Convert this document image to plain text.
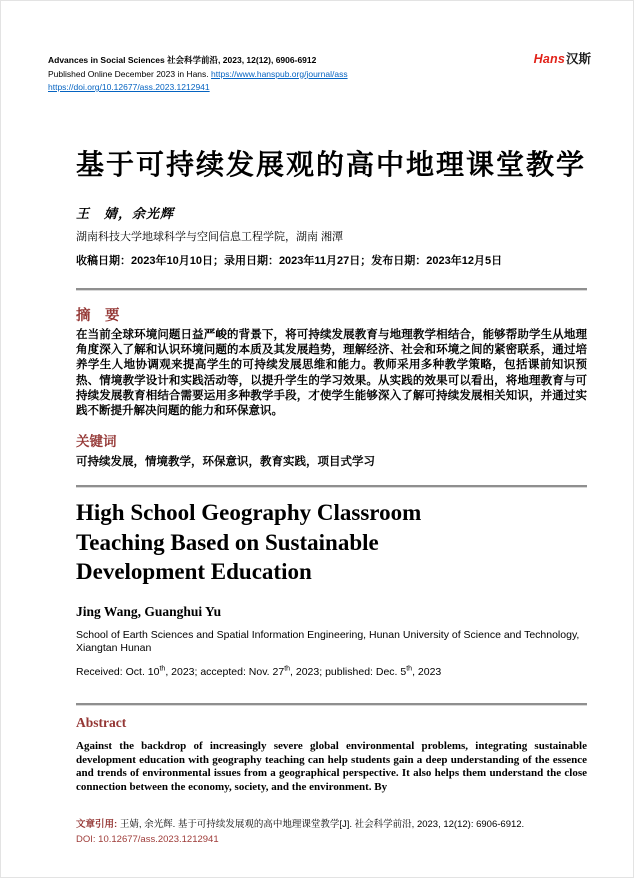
Advances in Social Sciences 社会科学前沿, 2023, 12(12), 6906-6912
Published Online December 2023 in Hans. https://www.hanspub.org/journal/ass
https://doi.org/10.12677/ass.2023.1212941
Hans汉斯
基于可持续发展观的高中地理课堂教学
王　婧，余光辉
湖南科技大学地球科学与空间信息工程学院，湖南 湘潭
收稿日期：2023年10月10日；录用日期：2023年11月27日；发布日期：2023年12月5日
摘　要
在当前全球环境问题日益严峻的背景下，将可持续发展教育与地理教学相结合，能够帮助学生从地理角度深入了解和认识环境问题的本质及其发展趋势，理解经济、社会和环境之间的紧密联系，通过培养学生人地协调观来提高学生的可持续发展思维和能力。教师采用多种教学策略，包括课前知识预热、情境教学设计和实践活动等，以提升学生的学习效果。从实践的效果可以看出，将地理教育与可持续发展教育相结合需要运用多种教学手段，才使学生能够深入了解可持续发展相关知识，并通过实践不断提升解决问题的能力和环保意识。
关键词
可持续发展，情境教学，环保意识，教育实践，项目式学习
High School Geography Classroom Teaching Based on Sustainable Development Education
Jing Wang, Guanghui Yu
School of Earth Sciences and Spatial Information Engineering, Hunan University of Science and Technology, Xiangtan Hunan
Received: Oct. 10th, 2023; accepted: Nov. 27th, 2023; published: Dec. 5th, 2023
Abstract
Against the backdrop of increasingly severe global environmental problems, integrating sustainable development education with geography teaching can help students gain a deep understanding of the essence and trends of environmental issues from a geographical perspective. It also helps them understand the close connection between the economy, society, and the environment. By
文章引用: 王婧, 余光辉. 基于可持续发展观的高中地理课堂教学[J]. 社会科学前沿, 2023, 12(12): 6906-6912.
DOI: 10.12677/ass.2023.1212941
